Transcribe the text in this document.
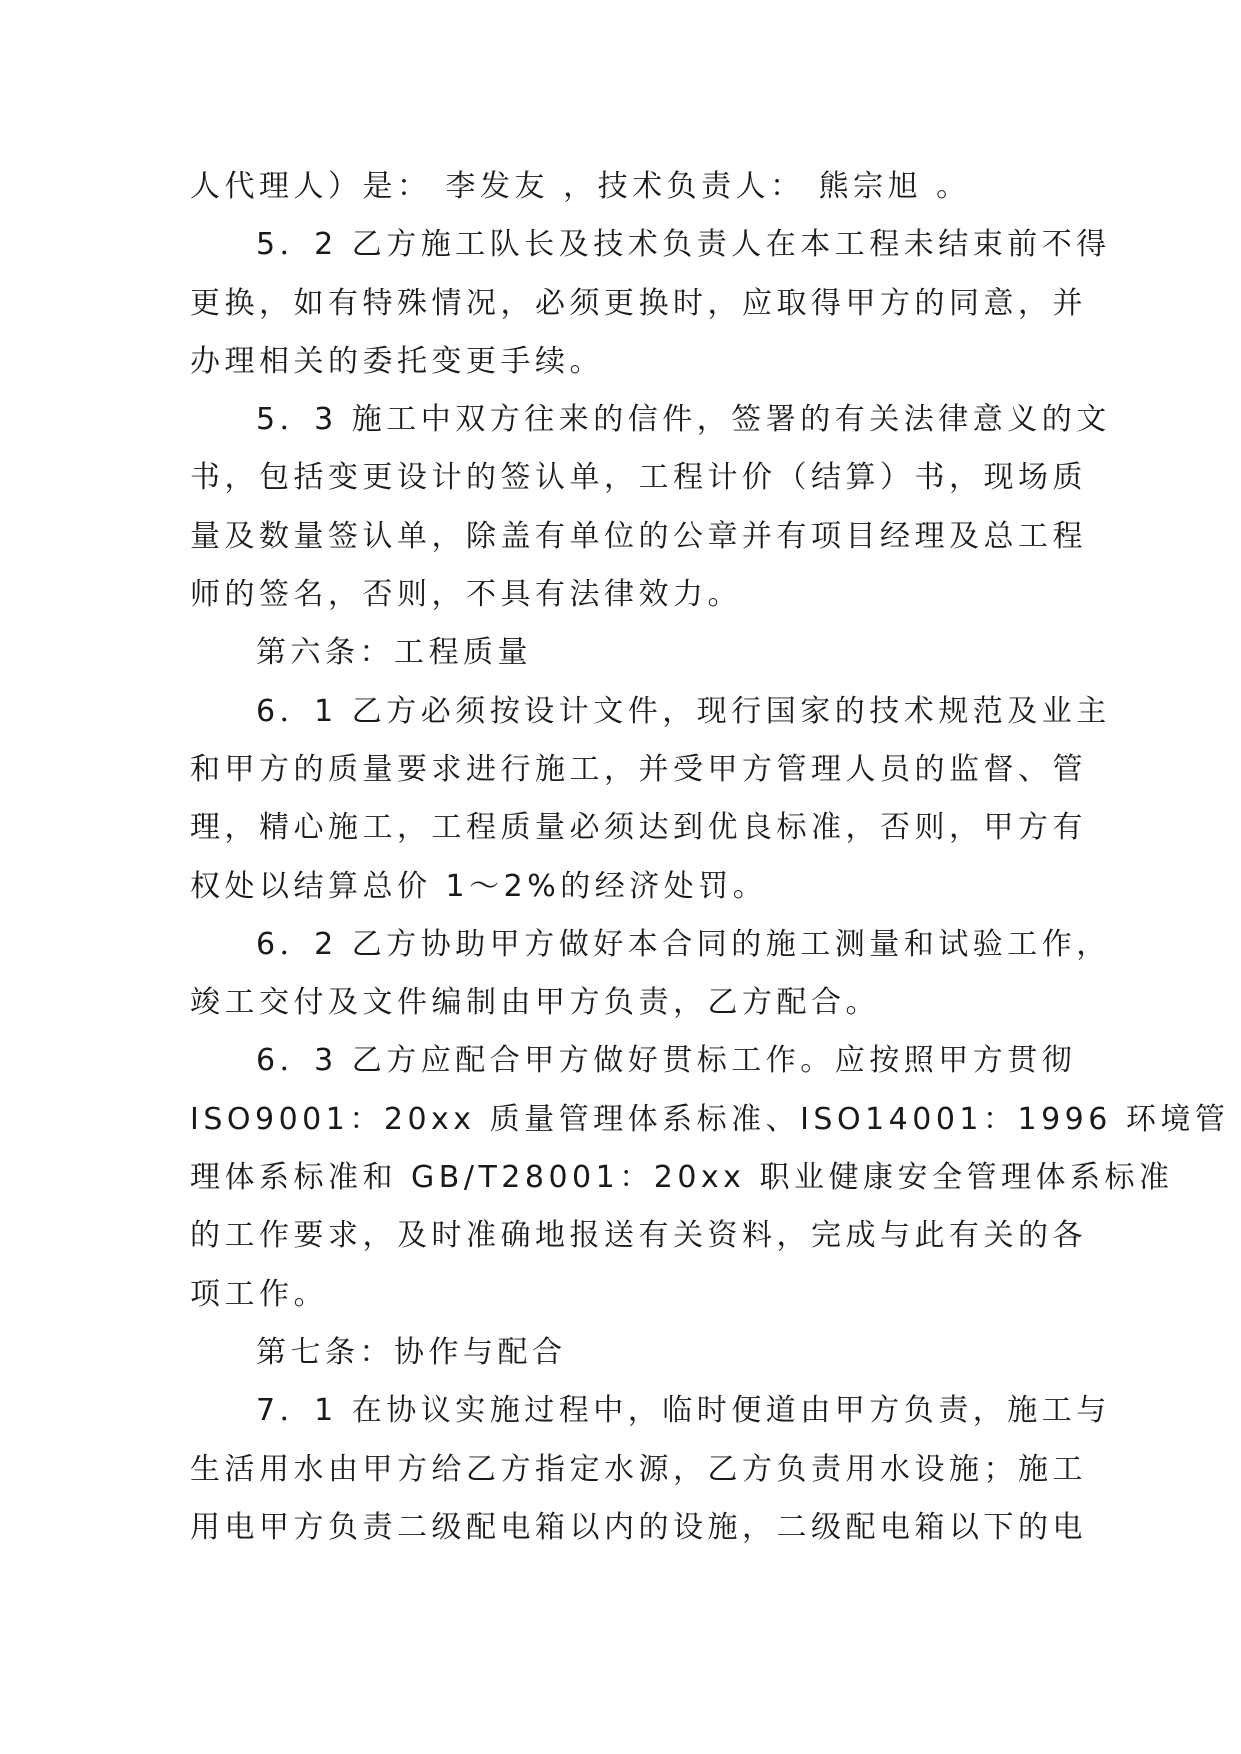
人代理人）是： 李发友 ，技术负责人： 熊宗旭 。
5．2 乙方施工队长及技术负责人在本工程未结束前不得
更换，如有特殊情况，必须更换时，应取得甲方的同意，并
办理相关的委托变更手续。
5．3 施工中双方往来的信件，签署的有关法律意义的文
书，包括变更设计的签认单，工程计价（结算）书，现场质
量及数量签认单，除盖有单位的公章并有项目经理及总工程
师的签名，否则，不具有法律效力。
第六条：工程质量
6．1 乙方必须按设计文件，现行国家的技术规范及业主
和甲方的质量要求进行施工，并受甲方管理人员的监督、管
理，精心施工，工程质量必须达到优良标准，否则，甲方有
权处以结算总价 1～2%的经济处罚。
6．2 乙方协助甲方做好本合同的施工测量和试验工作，
竣工交付及文件编制由甲方负责，乙方配合。
6．3 乙方应配合甲方做好贯标工作。应按照甲方贯彻
ISO9001：20xx 质量管理体系标准、ISO14001：1996 环境管
理体系标准和 GB/T28001：20xx 职业健康安全管理体系标准
的工作要求，及时准确地报送有关资料，完成与此有关的各
项工作。
第七条：协作与配合
7．1 在协议实施过程中，临时便道由甲方负责，施工与
生活用水由甲方给乙方指定水源，乙方负责用水设施；施工
用电甲方负责二级配电箱以内的设施，二级配电箱以下的电
